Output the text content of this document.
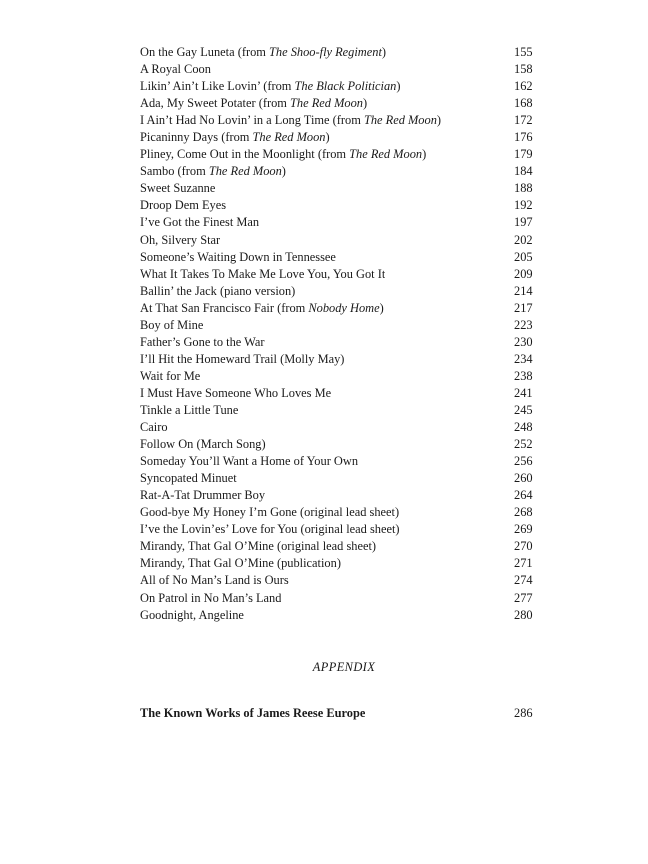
On the Gay Luneta (from The Shoo-fly Regiment)	155
A Royal Coon	158
Likin’ Ain’t Like Lovin’ (from The Black Politician)	162
Ada, My Sweet Potater (from The Red Moon)	168
I Ain’t Had No Lovin’ in a Long Time (from The Red Moon)	172
Picaninny Days (from The Red Moon)	176
Pliney, Come Out in the Moonlight (from The Red Moon)	179
Sambo (from The Red Moon)	184
Sweet Suzanne	188
Droop Dem Eyes	192
I’ve Got the Finest Man	197
Oh, Silvery Star	202
Someone’s Waiting Down in Tennessee	205
What It Takes To Make Me Love You, You Got It	209
Ballin’ the Jack (piano version)	214
At That San Francisco Fair (from Nobody Home)	217
Boy of Mine	223
Father’s Gone to the War	230
I’ll Hit the Homeward Trail (Molly May)	234
Wait for Me	238
I Must Have Someone Who Loves Me	241
Tinkle a Little Tune	245
Cairo	248
Follow On (March Song)	252
Someday You’ll Want a Home of Your Own	256
Syncopated Minuet	260
Rat-A-Tat Drummer Boy	264
Good-bye My Honey I’m Gone (original lead sheet)	268
I’ve the Lovin’es’ Love for You (original lead sheet)	269
Mirandy, That Gal O’Mine (original lead sheet)	270
Mirandy, That Gal O’Mine (publication)	271
All of No Man’s Land is Ours	274
On Patrol in No Man’s Land	277
Goodnight, Angeline	280
APPENDIX
The Known Works of James Reese Europe	286
